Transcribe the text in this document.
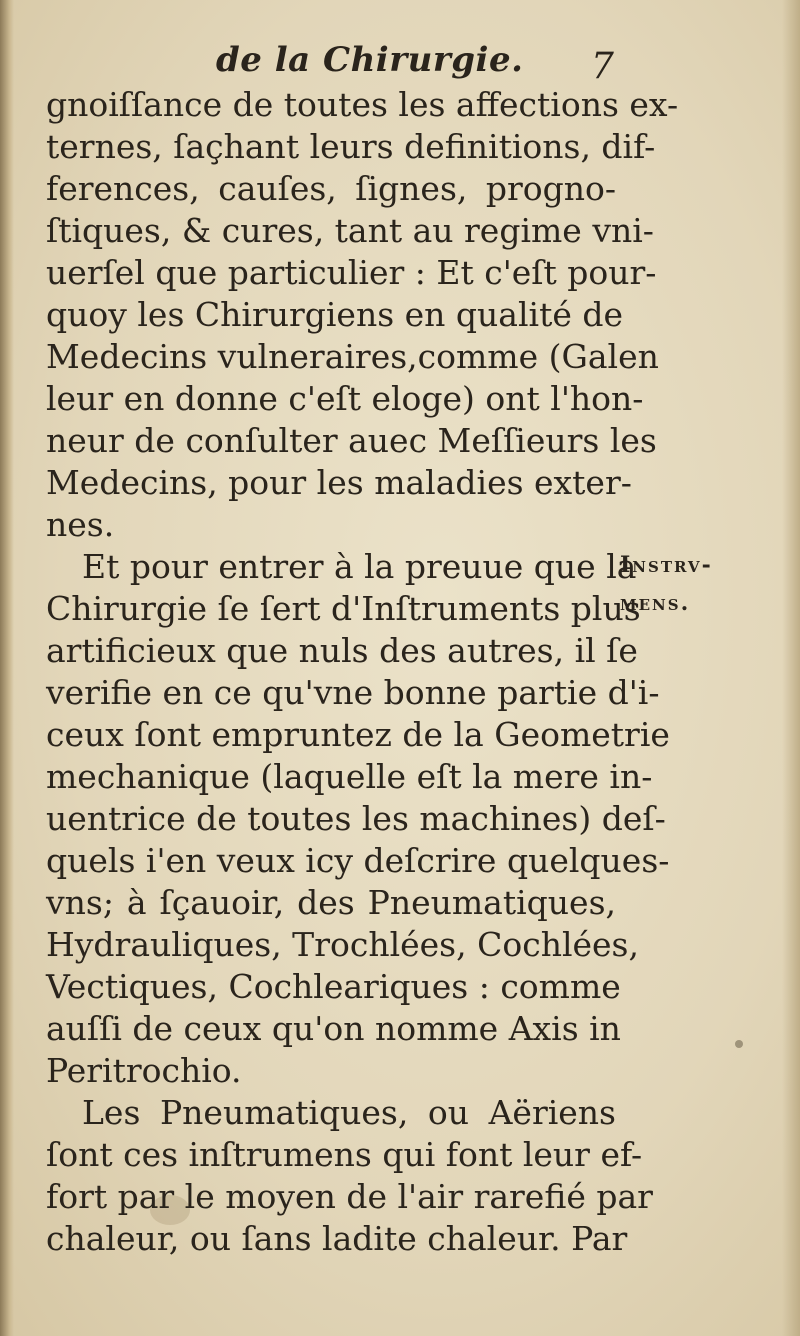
de la Chirurgie. 7
gnoiſſance de toutes les affections ex-
ternes, ſaçhant leurs definitions, dif-
ferences, cauſes, ſignes, progno-
ſtiques, & cures, tant au regime vni-
uerſel que particulier : Et c'eſt pour-
quoy les Chirurgiens en qualité de
Medecins vulneraires,comme (Galen
leur en donne c'eſt eloge) ont l'hon-
neur de conſulter auec Meſſieurs les
Medecins, pour les maladies exter-
nes.
Et pour entrer à la preuue que la
Chirurgie ſe ſert d'Inſtruments plus
artificieux que nuls des autres, il ſe
verifie en ce qu'vne bonne partie d'i-
ceux ſont empruntez de la Geometrie
mechanique (laquelle eſt la mere in-
uentrice de toutes les machines) deſ-
quels i'en veux icy deſcrire quelques-
vns; à ſçauoir, des Pneumatiques,
Hydrauliques, Trochlées, Cochlées,
Vectiques, Cochleariques : comme
auſſi de ceux qu'on nomme Axis in
Peritrochio.
Les Pneumatiques, ou Aëriens
ſont ces inſtrumens qui font leur ef-
fort par le moyen de l'air rarefié par
chaleur, ou ſans ladite chaleur. Par
Instrv-
mens.
